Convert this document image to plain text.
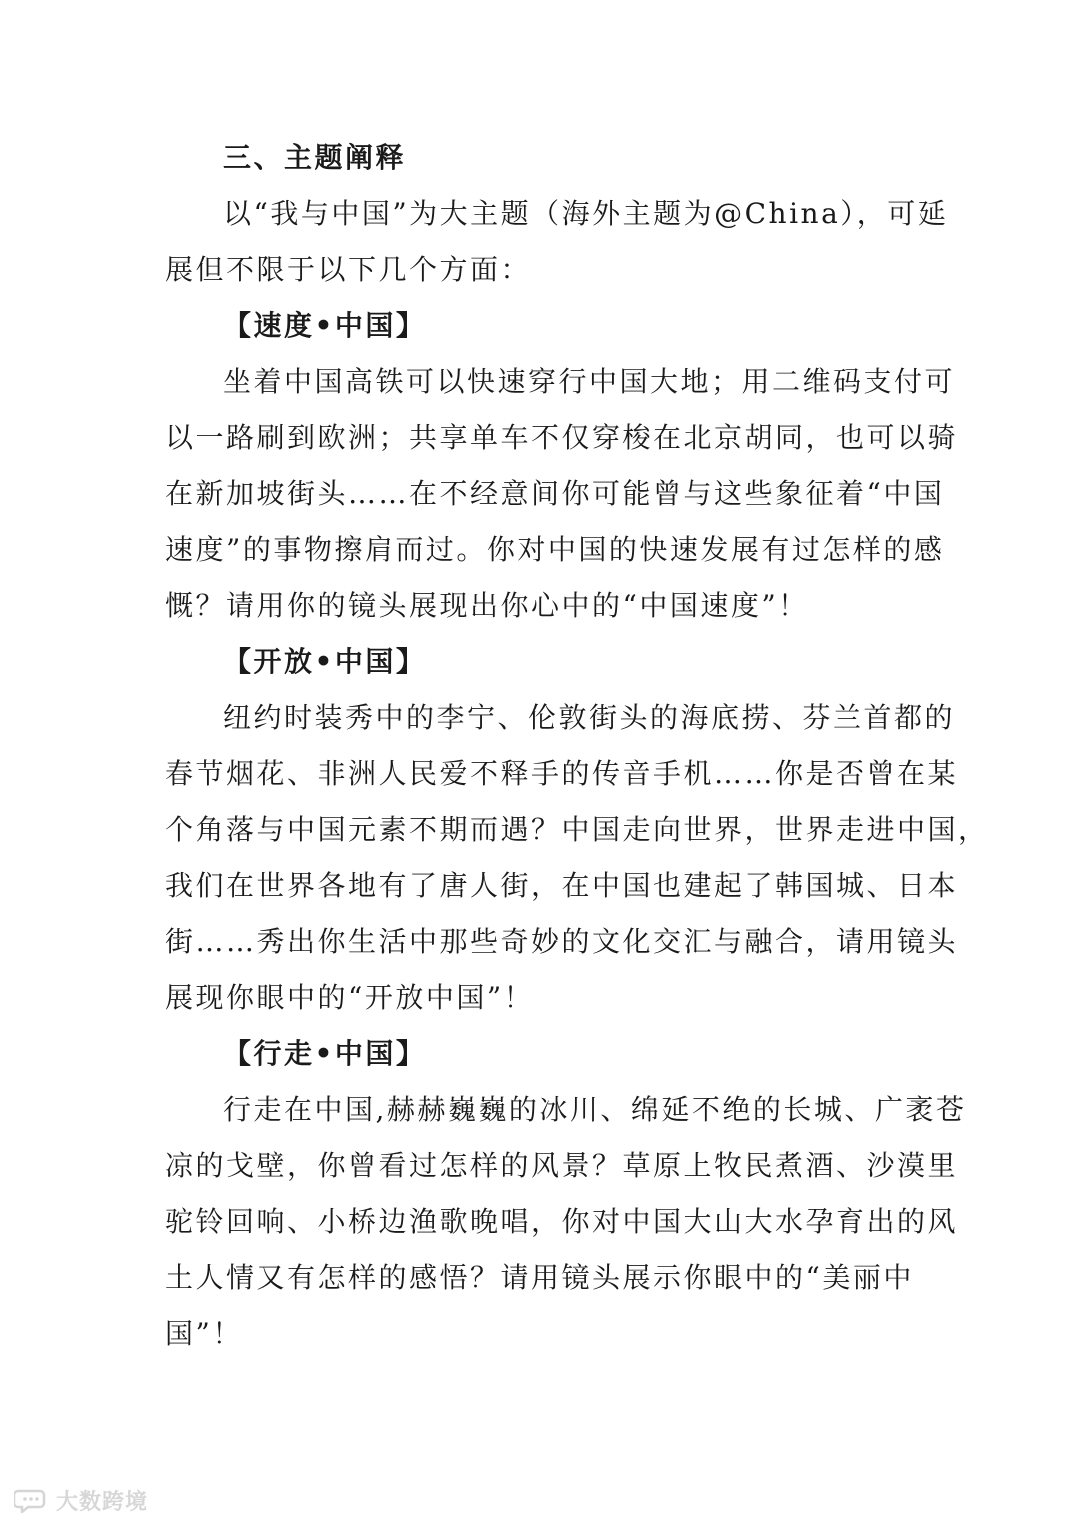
三、主题阐释
以“我与中国”为大主题（海外主题为@China），可延
展但不限于以下几个方面：
【速度•中国】
坐着中国高铁可以快速穿行中国大地；用二维码支付可
以一路刷到欧洲；共享单车不仅穿梭在北京胡同，也可以骑
在新加坡街头……在不经意间你可能曾与这些象征着“中国
速度”的事物擦肩而过。你对中国的快速发展有过怎样的感
慨？请用你的镜头展现出你心中的“中国速度”！
【开放•中国】
纽约时装秀中的李宁、伦敦街头的海底捞、芬兰首都的
春节烟花、非洲人民爱不释手的传音手机……你是否曾在某
个角落与中国元素不期而遇？中国走向世界，世界走进中国，
我们在世界各地有了唐人街，在中国也建起了韩国城、日本
街……秀出你生活中那些奇妙的文化交汇与融合，请用镜头
展现你眼中的“开放中国”！
【行走•中国】
行走在中国,赫赫巍巍的冰川、绵延不绝的长城、广袤苍
凉的戈壁，你曾看过怎样的风景？草原上牧民煮酒、沙漠里
驼铃回响、小桥边渔歌晚唱，你对中国大山大水孕育出的风
土人情又有怎样的感悟？请用镜头展示你眼中的“美丽中
国”！
大数跨境
